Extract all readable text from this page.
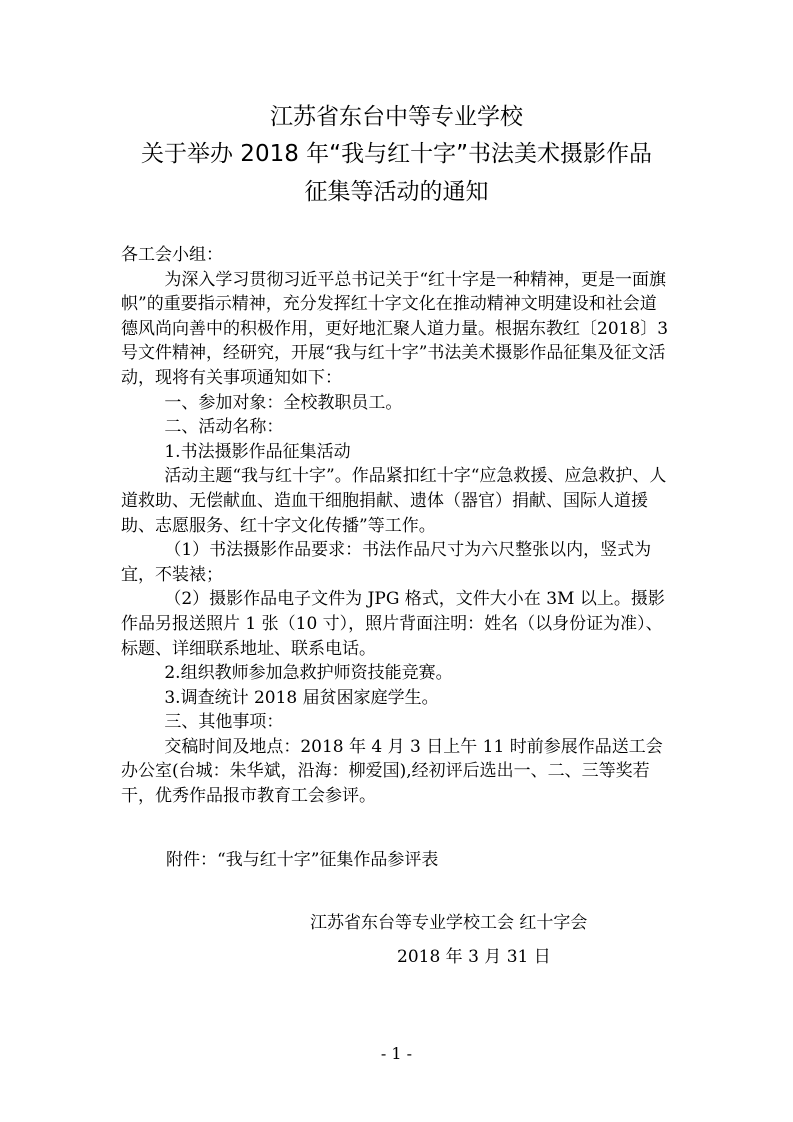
江苏省东台中等专业学校
关于举办 2018 年“我与红十字”书法美术摄影作品
征集等活动的通知

各工会小组：

为深入学习贯彻习近平总书记关于“红十字是一种精神，更是一面旗帜”的重要指示精神，充分发挥红十字文化在推动精神文明建设和社会道德风尚向善中的积极作用，更好地汇聚人道力量。根据东教红〔2018〕3 号文件精神，经研究，开展“我与红十字”书法美术摄影作品征集及征文活动，现将有关事项通知如下：

一、参加对象：全校教职员工。

二、活动名称：

1.书法摄影作品征集活动

活动主题“我与红十字”。作品紧扣红十字“应急救援、应急救护、人道救助、无偿献血、造血干细胞捐献、遗体（器官）捐献、国际人道援助、志愿服务、红十字文化传播”等工作。

（1）书法摄影作品要求：书法作品尺寸为六尺整张以内，竖式为宜，不装裱；

（2）摄影作品电子文件为 JPG 格式，文件大小在 3M 以上。摄影作品另报送照片 1 张（10 寸），照片背面注明：姓名（以身份证为准）、标题、详细联系地址、联系电话。

2.组织教师参加急救护师资技能竞赛。

3.调查统计 2018 届贫困家庭学生。

三、其他事项：

交稿时间及地点：2018 年 4 月 3 日上午 11 时前参展作品送工会办公室(台城：朱华斌，沿海：柳爱国),经初评后选出一、二、三等奖若干，优秀作品报市教育工会参评。

附件：“我与红十字”征集作品参评表
江苏省东台等专业学校工会 红十字会
2018 年 3 月 31 日
- 1 -
